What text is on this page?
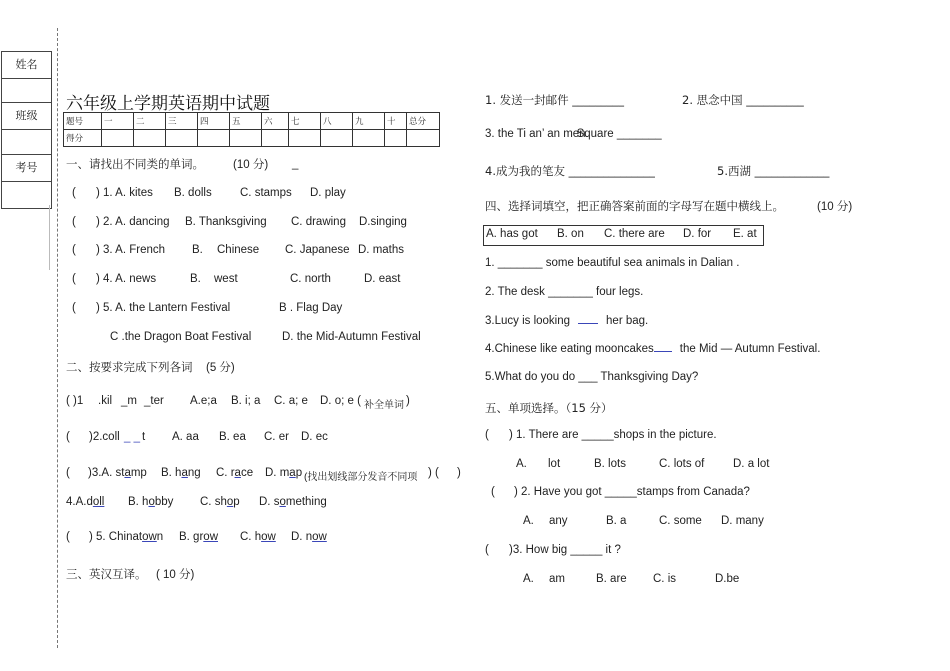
姓名
班级
考号
六年级上学期英语期中试题
题号	一	二	三	四	五	六	七	八	九	十	总分
得分											
一、请找出不同类的单词。	(10 分) _
( ) 1. A. kites B. dolls C. stamps D. play
( ) 2. A. dancing B. Thanksgiving C. drawing D.singing
( ) 3. A. French B. Chinese C. Japanese D. maths
( ) 4. A. news	B. west	C. north	D. east
( ) 5. A. the Lantern Festival	B . Flag Day
C .the Dragon Boat Festival	D. the Mid-Autumn Festival
二、按要求完成下列各词 (5 分)
( )1 .kil _m _ter A.e;a B. i; a C. a; e D. o; e ( 补全单词 )
( )2.coll _ _ t A. aa B. ea C. er D. ec
( )3.A. stamp B. hang C. race D. map (找出划线部分发音不同项 ) ( )
4.A.doll B. hobby C. shop D. something
( ) 5. Chinatown B. grow C. how D. now
三、英汉互译。 ( 10 分)
1. 发送一封邮件 _________	2. 思念中国 __________
3. the Ti an’ an menSquare _______
4.成为我的笔友 _______________	5.西湖 _____________
四、选择词填空，把正确答案前面的字母写在题中横线上。	(10 分)
A. has got B. on C. there are D. for E. at
1. _______ some beautiful sea animals in Dalian .
2. The desk _______ four legs.
3.Lucy is looking	her bag.
4.Chinese like eating mooncakes the Mid — Autumn Festival.
5.What do you do ___ Thanksgiving Day?
五、单项选择。（15 分）
( ) 1. There are _____shops in the picture.
A. lot	B. lots	C. lots of D. a lot
( ) 2. Have you got _____stamps from Canada?
A. any	B. a	C. some D. many
( )3. How big _____ it ?
A. am	B. are C. is	D.be
